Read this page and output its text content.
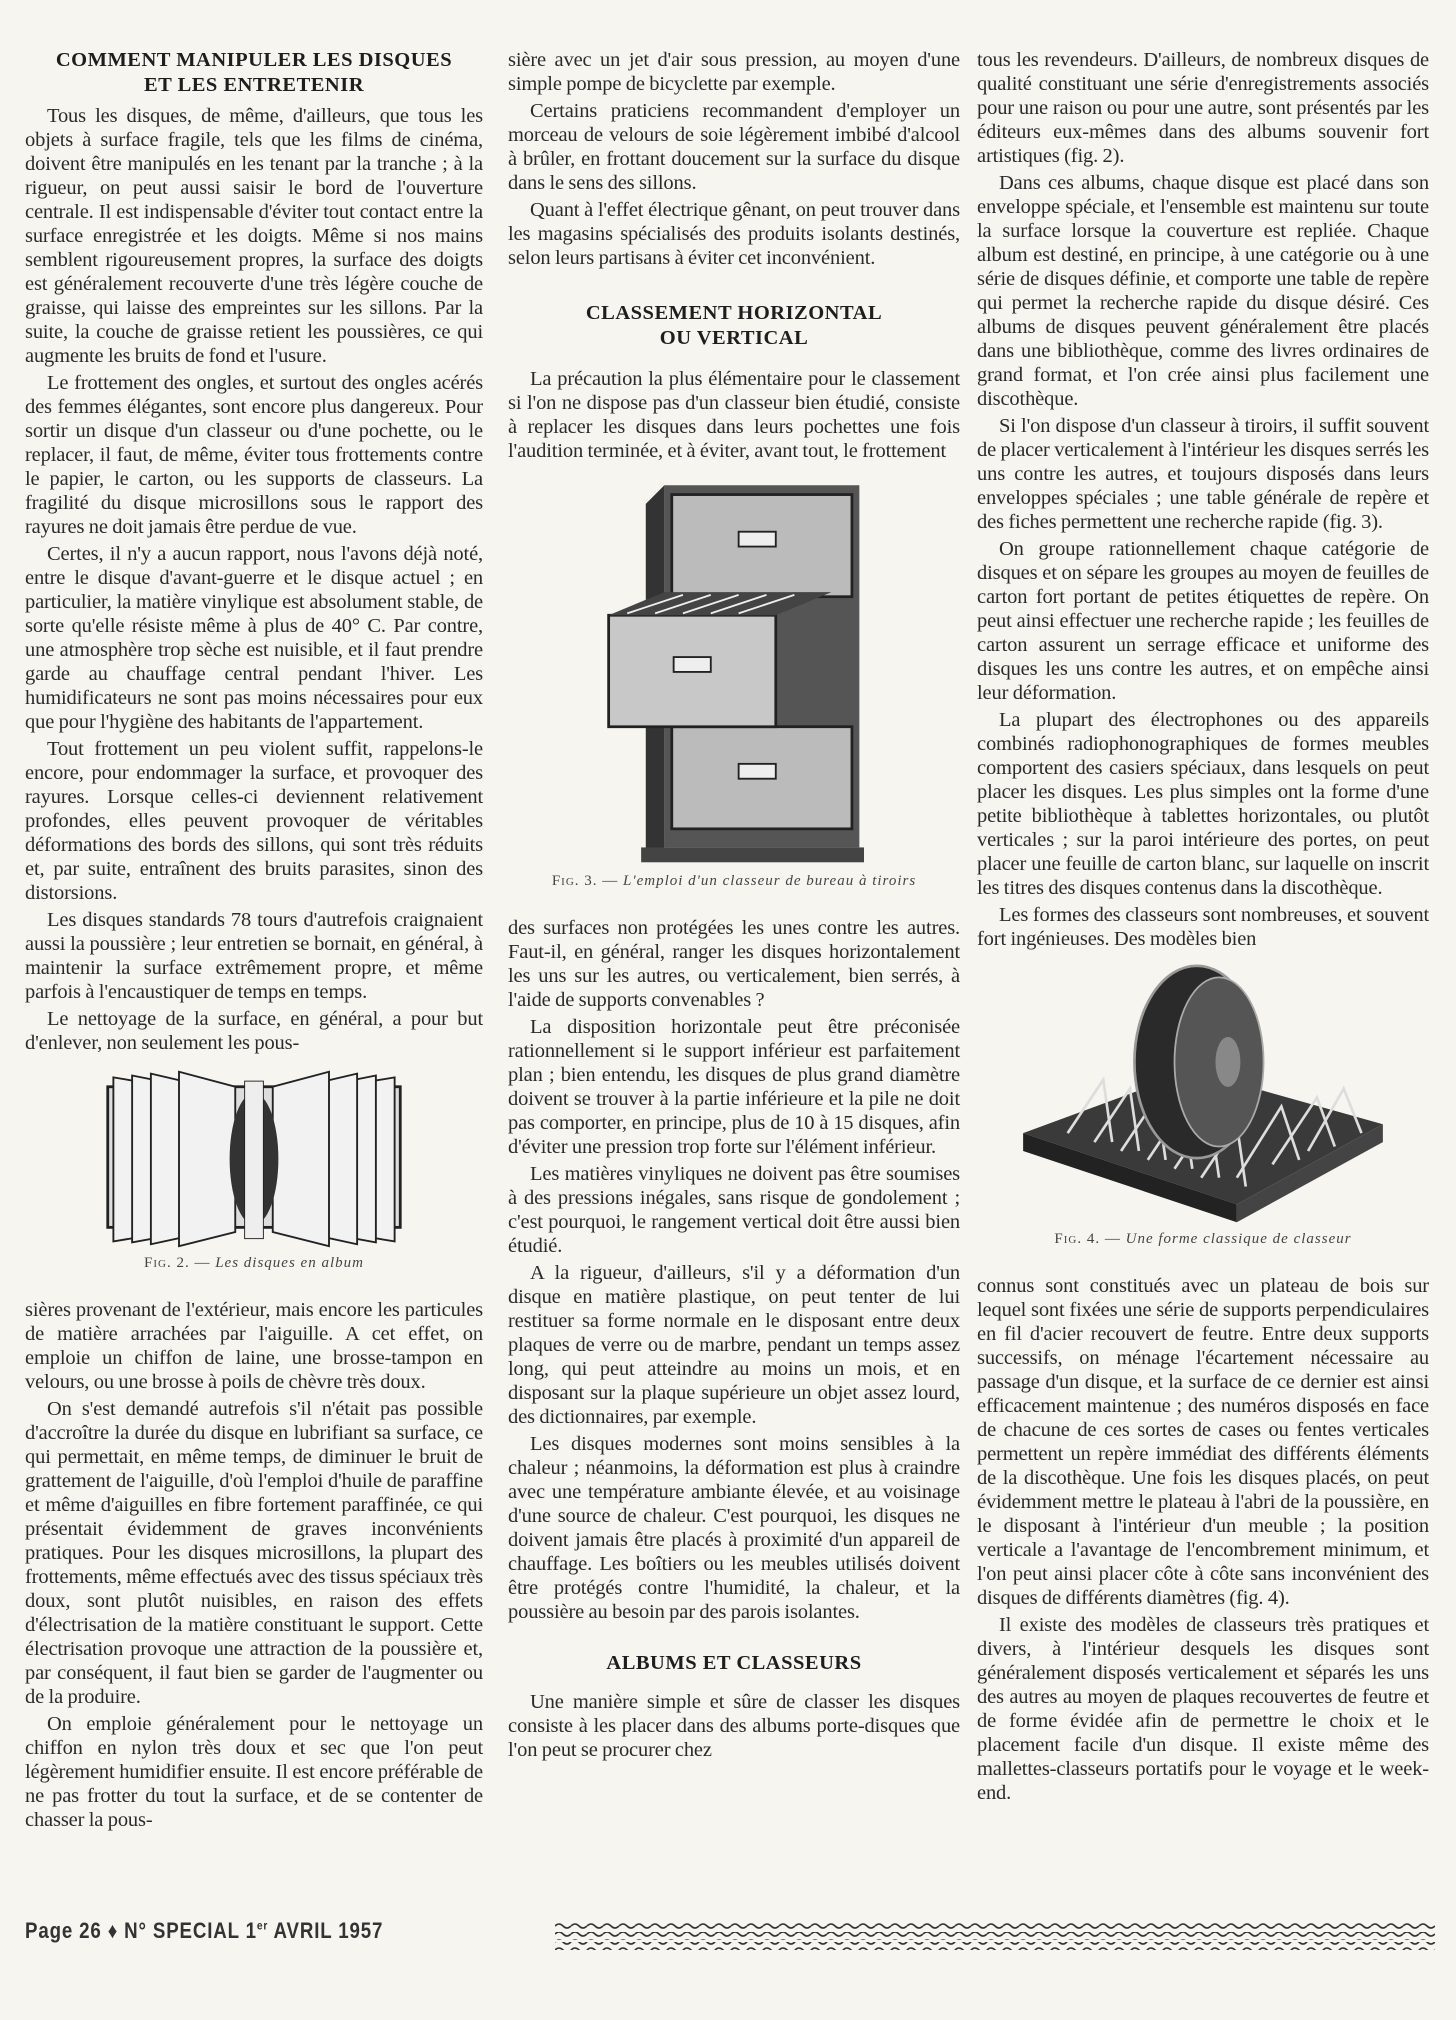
COMMENT MANIPULER LES DISQUES
ET LES ENTRETENIR

Tous les disques, de même, d'ailleurs, que tous les objets à surface fragile, tels que les films de cinéma, doivent être manipulés en les tenant par la tranche ; à la rigueur, on peut aussi saisir le bord de l'ouverture centrale. Il est indispensable d'éviter tout contact entre la surface enregistrée et les doigts. Même si nos mains semblent rigoureusement propres, la surface des doigts est généralement recouverte d'une très légère couche de graisse, qui laisse des empreintes sur les sillons. Par la suite, la couche de graisse retient les poussières, ce qui augmente les bruits de fond et l'usure.

Le frottement des ongles, et surtout des ongles acérés des femmes élégantes, sont encore plus dangereux. Pour sortir un disque d'un classeur ou d'une pochette, ou le replacer, il faut, de même, éviter tous frottements contre le papier, le carton, ou les supports de classeurs. La fragilité du disque microsillons sous le rapport des rayures ne doit jamais être perdue de vue.

Certes, il n'y a aucun rapport, nous l'avons déjà noté, entre le disque d'avant-guerre et le disque actuel ; en particulier, la matière vinylique est absolument stable, de sorte qu'elle résiste même à plus de 40° C. Par contre, une atmosphère trop sèche est nuisible, et il faut prendre garde au chauffage central pendant l'hiver. Les humidificateurs ne sont pas moins nécessaires pour eux que pour l'hygiène des habitants de l'appartement.

Tout frottement un peu violent suffit, rappelons-le encore, pour endommager la surface, et provoquer des rayures. Lorsque celles-ci deviennent relativement profondes, elles peuvent provoquer de véritables déformations des bords des sillons, qui sont très réduits et, par suite, entraînent des bruits parasites, sinon des distorsions.

Les disques standards 78 tours d'autrefois craignaient aussi la poussière ; leur entretien se bornait, en général, à maintenir la surface extrêmement propre, et même parfois à l'encaustiquer de temps en temps.

Le nettoyage de la surface, en général, a pour but d'enlever, non seulement les pous-

Fig. 2. — Les disques en album

sières provenant de l'extérieur, mais encore les particules de matière arrachées par l'aiguille. A cet effet, on emploie un chiffon de laine, une brosse-tampon en velours, ou une brosse à poils de chèvre très doux.

On s'est demandé autrefois s'il n'était pas possible d'accroître la durée du disque en lubrifiant sa surface, ce qui permettait, en même temps, de diminuer le bruit de grattement de l'aiguille, d'où l'emploi d'huile de paraffine et même d'aiguilles en fibre fortement paraffinée, ce qui présentait évidemment de graves inconvénients pratiques. Pour les disques microsillons, la plupart des frottements, même effectués avec des tissus spéciaux très doux, sont plutôt nuisibles, en raison des effets d'électrisation de la matière constituant le support. Cette électrisation provoque une attraction de la poussière et, par conséquent, il faut bien se garder de l'augmenter ou de la produire.

On emploie généralement pour le nettoyage un chiffon en nylon très doux et sec que l'on peut légèrement humidifier ensuite. Il est encore préférable de ne pas frotter du tout la surface, et de se contenter de chasser la pous-

sière avec un jet d'air sous pression, au moyen d'une simple pompe de bicyclette par exemple.

Certains praticiens recommandent d'employer un morceau de velours de soie légèrement imbibé d'alcool à brûler, en frottant doucement sur la surface du disque dans le sens des sillons.

Quant à l'effet électrique gênant, on peut trouver dans les magasins spécialisés des produits isolants destinés, selon leurs partisans à éviter cet inconvénient.

CLASSEMENT HORIZONTAL
OU VERTICAL

La précaution la plus élémentaire pour le classement si l'on ne dispose pas d'un classeur bien étudié, consiste à replacer les disques dans leurs pochettes une fois l'audition terminée, et à éviter, avant tout, le frottement

Fig. 3. — L'emploi d'un classeur de bureau à tiroirs

des surfaces non protégées les unes contre les autres. Faut-il, en général, ranger les disques horizontalement les uns sur les autres, ou verticalement, bien serrés, à l'aide de supports convenables ?

La disposition horizontale peut être préconisée rationnellement si le support inférieur est parfaitement plan ; bien entendu, les disques de plus grand diamètre doivent se trouver à la partie inférieure et la pile ne doit pas comporter, en principe, plus de 10 à 15 disques, afin d'éviter une pression trop forte sur l'élément inférieur.

Les matières vinyliques ne doivent pas être soumises à des pressions inégales, sans risque de gondolement ; c'est pourquoi, le rangement vertical doit être aussi bien étudié.

A la rigueur, d'ailleurs, s'il y a déformation d'un disque en matière plastique, on peut tenter de lui restituer sa forme normale en le disposant entre deux plaques de verre ou de marbre, pendant un temps assez long, qui peut atteindre au moins un mois, et en disposant sur la plaque supérieure un objet assez lourd, des dictionnaires, par exemple.

Les disques modernes sont moins sensibles à la chaleur ; néanmoins, la déformation est plus à craindre avec une température ambiante élevée, et au voisinage d'une source de chaleur. C'est pourquoi, les disques ne doivent jamais être placés à proximité d'un appareil de chauffage. Les boîtiers ou les meubles utilisés doivent être protégés contre l'humidité, la chaleur, et la poussière au besoin par des parois isolantes.

ALBUMS ET CLASSEURS

Une manière simple et sûre de classer les disques consiste à les placer dans des albums porte-disques que l'on peut se procurer chez

tous les revendeurs. D'ailleurs, de nombreux disques de qualité constituant une série d'enregistrements associés pour une raison ou pour une autre, sont présentés par les éditeurs eux-mêmes dans des albums souvenir fort artistiques (fig. 2).

Dans ces albums, chaque disque est placé dans son enveloppe spéciale, et l'ensemble est maintenu sur toute la surface lorsque la couverture est repliée. Chaque album est destiné, en principe, à une catégorie ou à une série de disques définie, et comporte une table de repère qui permet la recherche rapide du disque désiré. Ces albums de disques peuvent généralement être placés dans une bibliothèque, comme des livres ordinaires de grand format, et l'on crée ainsi plus facilement une discothèque.

Si l'on dispose d'un classeur à tiroirs, il suffit souvent de placer verticalement à l'intérieur les disques serrés les uns contre les autres, et toujours disposés dans leurs enveloppes spéciales ; une table générale de repère et des fiches permettent une recherche rapide (fig. 3).

On groupe rationnellement chaque catégorie de disques et on sépare les groupes au moyen de feuilles de carton fort portant de petites étiquettes de repère. On peut ainsi effectuer une recherche rapide ; les feuilles de carton assurent un serrage efficace et uniforme des disques les uns contre les autres, et on empêche ainsi leur déformation.

La plupart des électrophones ou des appareils combinés radiophonographiques de formes meubles comportent des casiers spéciaux, dans lesquels on peut placer les disques. Les plus simples ont la forme d'une petite bibliothèque à tablettes horizontales, ou plutôt verticales ; sur la paroi intérieure des portes, on peut placer une feuille de carton blanc, sur laquelle on inscrit les titres des disques contenus dans la discothèque.

Les formes des classeurs sont nombreuses, et souvent fort ingénieuses. Des modèles bien

Fig. 4. — Une forme classique de classeur

connus sont constitués avec un plateau de bois sur lequel sont fixées une série de supports perpendiculaires en fil d'acier recouvert de feutre. Entre deux supports successifs, on ménage l'écartement nécessaire au passage d'un disque, et la surface de ce dernier est ainsi efficacement maintenue ; des numéros disposés en face de chacune de ces sortes de cases ou fentes verticales permettent un repère immédiat des différents éléments de la discothèque. Une fois les disques placés, on peut évidemment mettre le plateau à l'abri de la poussière, en le disposant à l'intérieur d'un meuble ; la position verticale a l'avantage de l'encombrement minimum, et l'on peut ainsi placer côte à côte sans inconvénient des disques de différents diamètres (fig. 4).

Il existe des modèles de classeurs très pratiques et divers, à l'intérieur desquels les disques sont généralement disposés verticalement et séparés les uns des autres au moyen de plaques recouvertes de feutre et de forme évidée afin de permettre le choix et le placement facile d'un disque. Il existe même des mallettes-classeurs portatifs pour le voyage et le week-end.

Page 26 ♦ N° SPECIAL 1er AVRIL 1957
